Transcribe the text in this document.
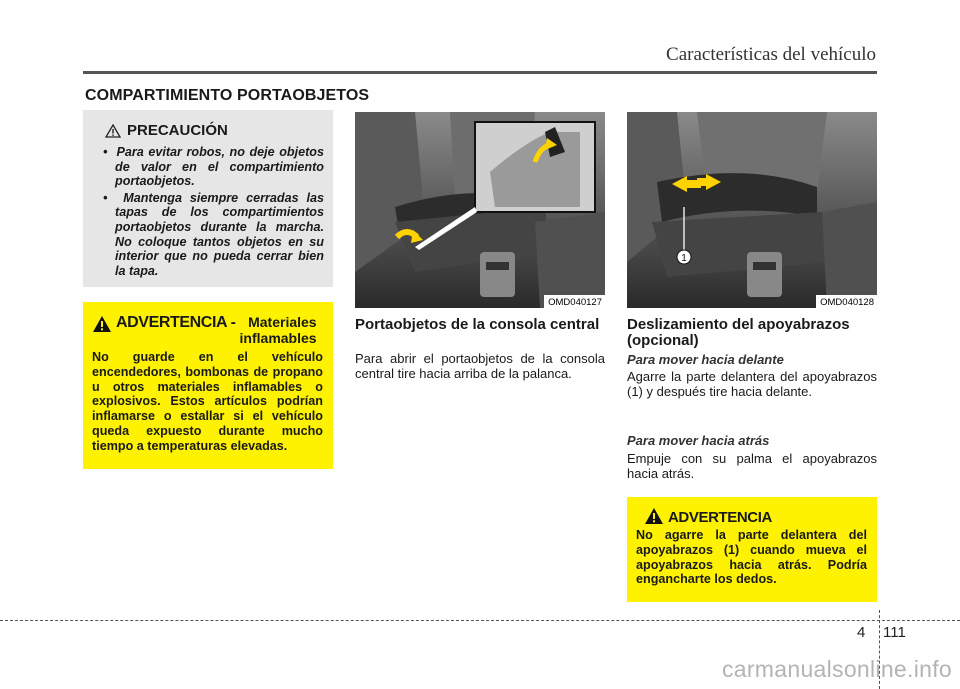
Características del vehículo
COMPARTIMIENTO PORTAOBJETOS
PRECAUCIÓN
•  Para evitar robos, no deje objetos de valor en el compartimiento portaobjetos.
•  Mantenga siempre cerradas las tapas de los compartimientos portaobjetos durante la marcha. No coloque tantos objetos en su interior que no pueda cerrar bien la tapa.
ADVERTENCIA - Materiales
inflamables
No guarde en el vehículo encendedores, bombonas de propano u otros materiales inflamables o explosivos. Estos artículos podrían inflamarse o estallar si el vehículo queda expuesto durante mucho tiempo a temperaturas elevadas.
OMD040127
1
OMD040128
Portaobjetos de la consola central
Para abrir el portaobjetos de la consola central tire hacia arriba de la palanca.
Deslizamiento del apoyabrazos (opcional)
Para mover hacia delante
Agarre la parte delantera del apoyabrazos (1) y después tire hacia delante.
Para mover hacia atrás
Empuje con su palma el apoyabrazos hacia atrás.
ADVERTENCIA
No agarre la parte delantera del apoyabrazos (1) cuando mueva el apoyabrazos hacia atrás. Podría engancharte los dedos.
4 111
carmanualsonline.info
